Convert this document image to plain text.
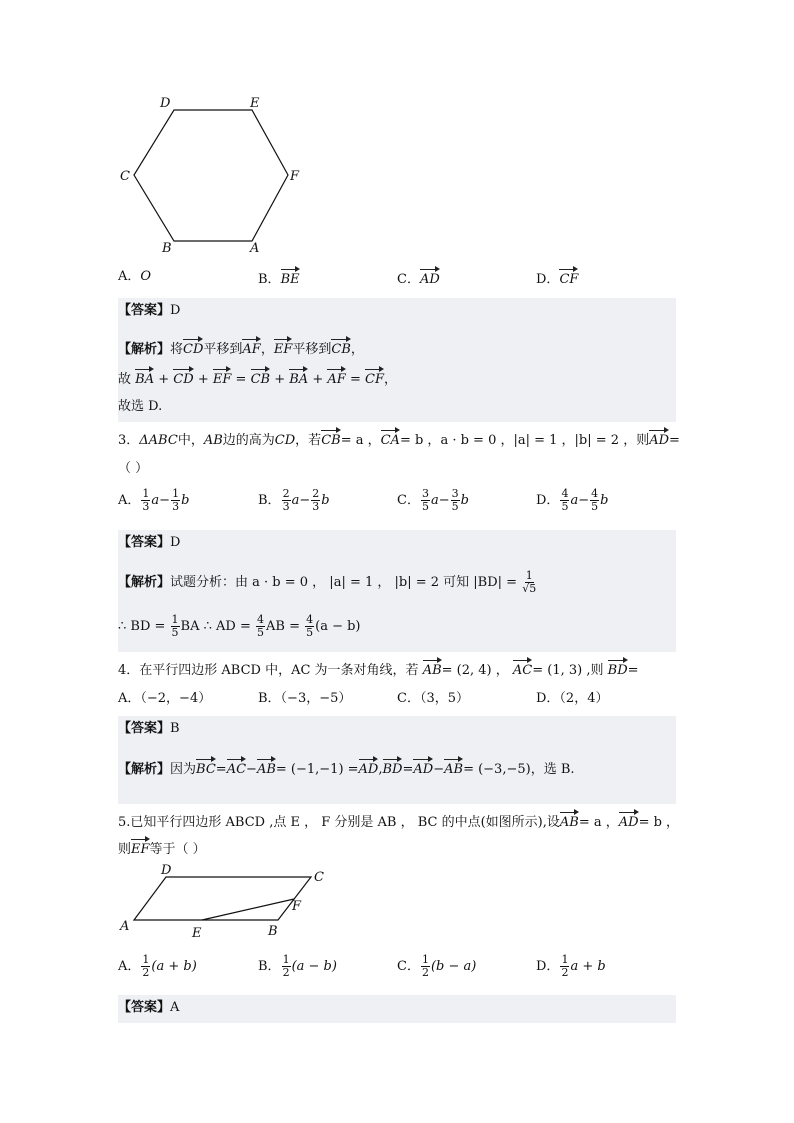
D	E
C	F
B	A
A．O	B．BE	C．AD	D．CF
【答案】D
【解析】将CD平移到AF，EF平移到CB，
故 BA + CD + EF = CB + BA + AF = CF，
故选 D.
3．ΔABC中，AB边的高为CD，若CB= a ，CA= b ，a · b = 0 ，|a| = 1 ，|b| = 2 ，则AD=
（ ）
A． $\frac{1}{3} a- \frac{1}{3}$ b	B． $\frac{2}{3} a- \frac{2}{3}$ b	C． $\frac{3}{5} a- \frac{3}{5}$ b	D． $\frac{4}{5} a- \frac{4}{5}$ b
【答案】D
【解析】试题分析：由 a · b = 0 ， |a| = 1 ， |b| = 2 可知 $|BD| = \frac{1}{√5}$
∴ BD = $\frac{1}{5}$ BA ∴ AD = $\frac{4}{5}$ AB = $\frac{4}{5} (a - b)$
4．在平行四边形 ABCD 中，AC 为一条对角线，若 AB= (2, 4) ， AC= (1, 3) ,则 BD=
A．（−2，−4）	B．（−3，−5）	C．（3，5）	D．（2，4）
【答案】B
【解析】因为BC=AC−AB= (−1,−1) =AD,BD=AD−AB= (−3,−5)，选 B.
5.已知平行四边形 ABCD ,点 E ， F 分别是 AB ， BC 的中点(如图所示),设AB= a ，AD= b ，
则EF等于（ ）
D	C
F
A	E	B
A． $\frac{1}{2} (a + b)$	B． $\frac{1}{2} (a - b)$	C． $\frac{1}{2} (b - a)$	D． $\frac{1}{2}$ a + b
【答案】A
